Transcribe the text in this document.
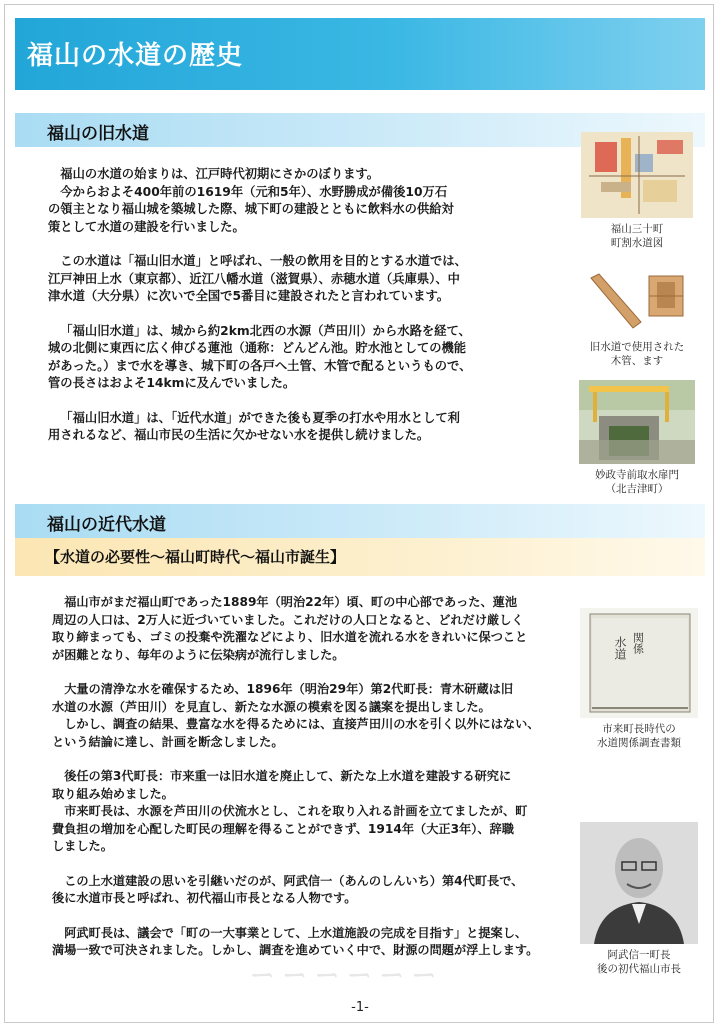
ー ー ー ー ー ー
福山の水道の歴史
福山の旧水道

福山の水道の始まりは、江戸時代初期にさかのぼります。
今からおよそ400年前の1619年（元和5年）、水野勝成が備後10万石
の領主となり福山城を築城した際、城下町の建設とともに飲料水の供給対
策として水道の建設を行いました。

この水道は「福山旧水道」と呼ばれ、一般の飲用を目的とする水道では、
江戸神田上水（東京都）、近江八幡水道（滋賀県）、赤穂水道（兵庫県）、中
津水道（大分県）に次いで全国で5番目に建設されたと言われています。

「福山旧水道」は、城から約2km北西の水源（芦田川）から水路を経て、
城の北側に東西に広く伸びる蓮池（通称：どんどん池。貯水池としての機能
があった。）まで水を導き、城下町の各戸へ土管、木管で配るというもので、
管の長さはおよそ14kmに及んでいました。

「福山旧水道」は、「近代水道」ができた後も夏季の打水や用水として利
用されるなど、福山市民の生活に欠かせない水を提供し続けました。

福山三十町
町割水道図
旧水道で使用された
木管、ます
妙政寺前取水扉門
（北吉津町）
福山の近代水道
【水道の必要性～福山町時代～福山市誕生】

福山市がまだ福山町であった1889年（明治22年）頃、町の中心部であった、蓮池
周辺の人口は、2万人に近づいていました。これだけの人口となると、どれだけ厳しく
取り締まっても、ゴミの投棄や洗濯などにより、旧水道を流れる水をきれいに保つこと
が困難となり、毎年のように伝染病が流行しました。

大量の清浄な水を確保するため、1896年（明治29年）第2代町長：青木研蔵は旧
水道の水源（芦田川）を見直し、新たな水源の模索を図る議案を提出しました。
しかし、調査の結果、豊富な水を得るためには、直接芦田川の水を引く以外にはない、
という結論に達し、計画を断念しました。

後任の第3代町長：市来重一は旧水道を廃止して、新たな上水道を建設する研究に
取り組み始めました。
市来町長は、水源を芦田川の伏流水とし、これを取り入れる計画を立てましたが、町
費負担の増加を心配した町民の理解を得ることができず、1914年（大正3年）、辞職
しました。

この上水道建設の思いを引継いだのが、阿武信一（あんのしんいち）第4代町長で、
後に水道市長と呼ばれ、初代福山市長となる人物です。

阿武町長は、議会で「町の一大事業として、上水道施設の完成を目指す」と提案し、
満場一致で可決されました。しかし、調査を進めていく中で、財源の問題が浮上します。

水道 関係
市来町長時代の
水道関係調査書類
阿武信一町長
後の初代福山市長
-1-
